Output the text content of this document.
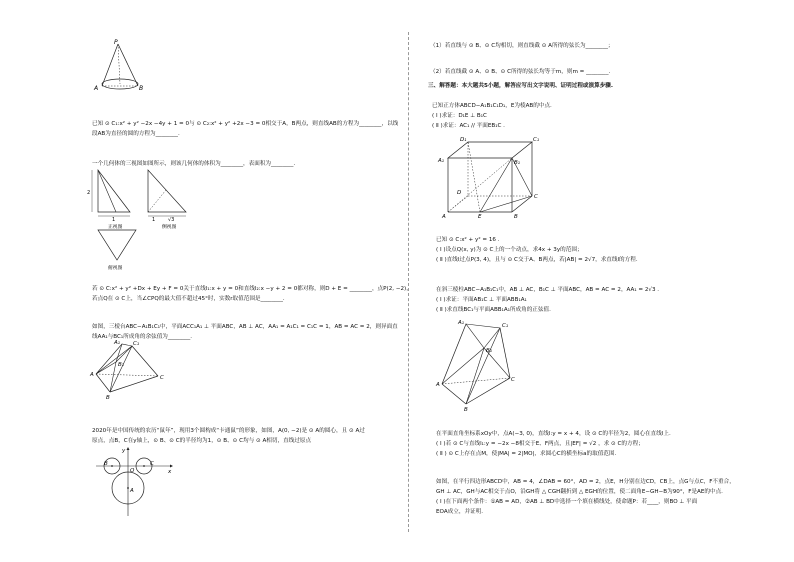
P
A	B
已知 ⊙ C₁:x² + y² −2x −4y + 1 = 0与 ⊙ C₂:x² + y² +2x −3 = 0相交于A，B两点，则直线AB的方程为________，以线
段AB为直径的圆的方程为________.
一个几何体的三视图如图所示，则该几何体的体积为________，表面积为________.
2
1
正视图
1	√3
侧视图
俯视图
若 ⊙ C:x² + y² +Dx + Ey + F = 0关于直线l₁:x + y = 0和直线l₂:x −y + 2 = 0都对称，则D + E = ________，点P(2, −2)，
若点Q在 ⊙ C上，当∠CPQ的最大值不超过45°时，实数r取值范围是________.
如图，三棱台ABC−A₁B₁C₁中，平面ACC₁A₁ ⊥ 平面ABC，AB ⊥ AC，AA₁ = A₁C₁ = C₁C = 1，AB = AC = 2，则异面直
线AA₁与BC₁所成角的余弦值为________.
A₁ C₁
B₁
A
B
C
2020年是中国传统的农历“鼠年”，现用3个圆构成“卡通鼠”的形象，如图，A(0, −2)是 ⊙ A的圆心，且 ⊙ A过
原点，点B，C在y轴上，⊙ B、⊙ C的半径均为1，⊙ B、⊙ C均与 ⊙ A相切，直线过原点
y
x
B	C
O
A
（1）若直线与 ⊙ B、⊙ C均相切，则直线截 ⊙ A所得的弦长为________；
（2）若直线截 ⊙ A、⊙ B、⊙ C所得的弦长均等于m，则m = ________.
三、解答题：本大题共5小题，解答应写出文字说明、证明过程或演算步骤.
已知正方体ABCD−A₁B₁C₁D₁，E为棱AB的中点.
( Ⅰ )求证：D₁E ⊥ B₁C
( Ⅱ )求证：AC₁ // 平面EB₁C .
A₁
D₁	C₁
B₁
D
C
A	E	B
已知 ⊙ C:x² + y² = 16 .
( Ⅰ )设点Q(x, y)为 ⊙ C上的一个动点，求4x + 3y的范围；
( Ⅱ )直线l过点P(3, 4)，且与 ⊙ C交于A、B两点，若|AB| = 2√7，求直线l的方程.
在斜三棱柱ABC−A₁B₁C₁中，AB ⊥ AC，B₁C ⊥ 平面ABC，AB = AC = 2，AA₁ = 2√3 .
( Ⅰ )求证：平面AB₁C ⊥ 平面ABB₁A₁
( Ⅱ )求直线BC₁与平面ABB₁A₁所成角的正弦值.
A₁	C₁
B₁
A
B
C
在平面直角坐标系xOy中，点A(−3, 0)，直线l:y = x + 4，设 ⊙ C的半径为2，圆心在直线l上.
( Ⅰ )若 ⊙ C与直线l₁:y = −2x −8相交于E、F两点，且|EF| = √2 ，求 ⊙ C的方程；
( Ⅱ ) ⊙ C上存在点M，使|MA| = 2|MO|，求圆心C的横坐标a的取值范围.
如图，在平行四边形ABCD中，AB = 4，∠DAB = 60°，AD = 2，点E，H分别在边CD，CB上，点G与点C，F不重合，
GH ⊥ AC，GH与AC相交于点O，沿GH将 △ CGH翻折到 △ EGH的位置，使二面角E−GH−B为90°，F是AE的中点.
( Ⅰ )在下面两个条件：①AB = AD，②AB ⊥ BD中选择一个填在横线处，使命题P：若____，则BO ⊥ 平面
EOA成立，并证明.
